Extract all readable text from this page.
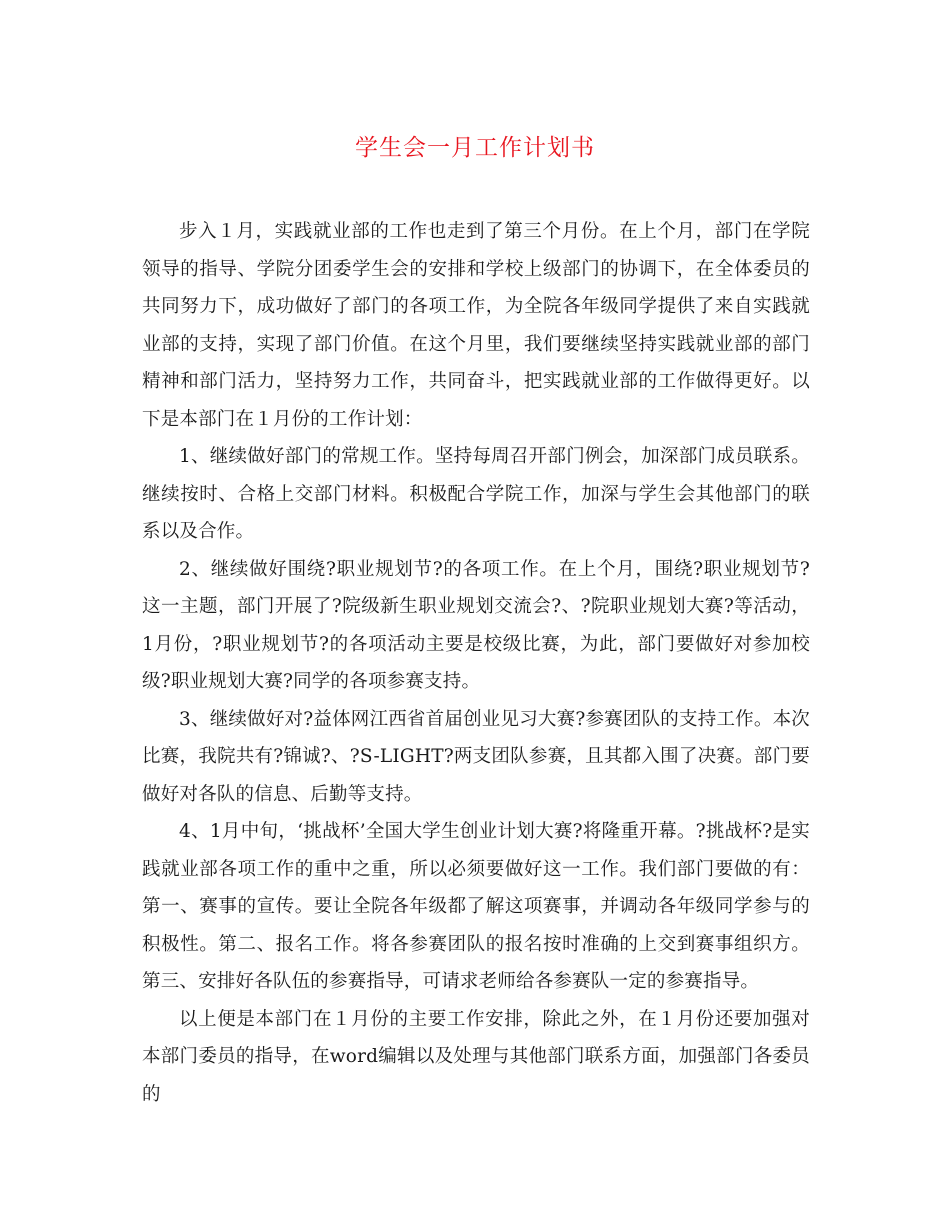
学生会一月工作计划书

步入１月，实践就业部的工作也走到了第三个月份。在上个月，部门在学院领导的指导、学院分团委学生会的安排和学校上级部门的协调下，在全体委员的共同努力下，成功做好了部门的各项工作，为全院各年级同学提供了来自实践就业部的支持，实现了部门价值。在这个月里，我们要继续坚持实践就业部的部门精神和部门活力，坚持努力工作，共同奋斗，把实践就业部的工作做得更好。以下是本部门在１月份的工作计划：

1、继续做好部门的常规工作。坚持每周召开部门例会，加深部门成员联系。继续按时、合格上交部门材料。积极配合学院工作，加深与学生会其他部门的联系以及合作。

2、继续做好围绕?职业规划节?的各项工作。在上个月，围绕?职业规划节?这一主题，部门开展了?院级新生职业规划交流会?、?院职业规划大赛?等活动，1月份，?职业规划节?的各项活动主要是校级比赛，为此，部门要做好对参加校级?职业规划大赛?同学的各项参赛支持。

3、继续做好对?益体网江西省首届创业见习大赛?参赛团队的支持工作。本次比赛，我院共有?锦诚?、?S-LIGHT?两支团队参赛，且其都入围了决赛。部门要做好对各队的信息、后勤等支持。

4、1月中旬，‘挑战杯’全国大学生创业计划大赛?将隆重开幕。?挑战杯?是实践就业部各项工作的重中之重，所以必须要做好这一工作。我们部门要做的有：第一、赛事的宣传。要让全院各年级都了解这项赛事，并调动各年级同学参与的积极性。第二、报名工作。将各参赛团队的报名按时准确的上交到赛事组织方。第三、安排好各队伍的参赛指导，可请求老师给各参赛队一定的参赛指导。

以上便是本部门在１月份的主要工作安排，除此之外，在１月份还要加强对本部门委员的指导，在word编辑以及处理与其他部门联系方面，加强部门各委员的
